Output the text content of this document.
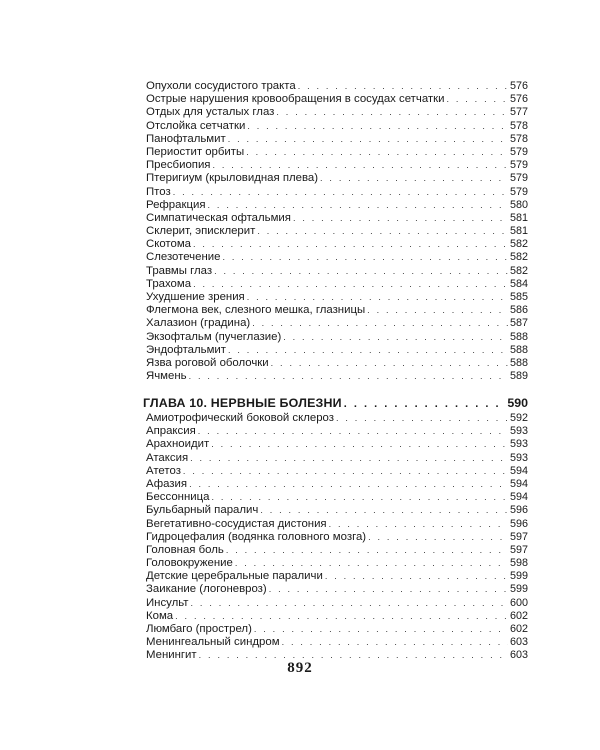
Опухоли сосудистого тракта . . .	576
Острые нарушения кровообращения в сосудах сетчатки . . .	576
Отдых для усталых глаз . . .	577
Отслойка сетчатки . . .	578
Панофтальмит . . .	578
Периостит орбиты . . .	579
Пресбиопия . . .	579
Птеригиум (крыловидная плева) . . .	579
Птоз . . .	579
Рефракция . . .	580
Симпатическая офтальмия . . .	581
Склерит, эписклерит . . .	581
Скотома . . .	582
Слезотечение . . .	582
Травмы глаз . . .	582
Трахома . . .	584
Ухудшение зрения . . .	585
Флегмона век, слезного мешка, глазницы . . .	586
Халазион (градина) . . .	587
Экзофтальм (пучеглазие) . . .	588
Эндофтальмит . . .	588
Язва роговой оболочки . . .	588
Ячмень . . .	589
ГЛАВА 10. НЕРВНЫЕ БОЛЕЗНИ . . .	590
Амиотрофический боковой склероз . . .	592
Апраксия . . .	593
Арахноидит . . .	593
Атаксия . . .	593
Атетоз . . .	594
Афазия . . .	594
Бессонница . . .	594
Бульбарный паралич . . .	596
Вегетативно-сосудистая дистония . . .	596
Гидроцефалия (водянка головного мозга) . . .	597
Головная боль . . .	597
Головокружение . . .	598
Детские церебральные параличи . . .	599
Заикание (логоневроз) . . .	599
Инсульт . . .	600
Кома . . .	602
Люмбаго (прострел) . . .	602
Менингеальный синдром . . .	603
Менингит . . .	603
892
